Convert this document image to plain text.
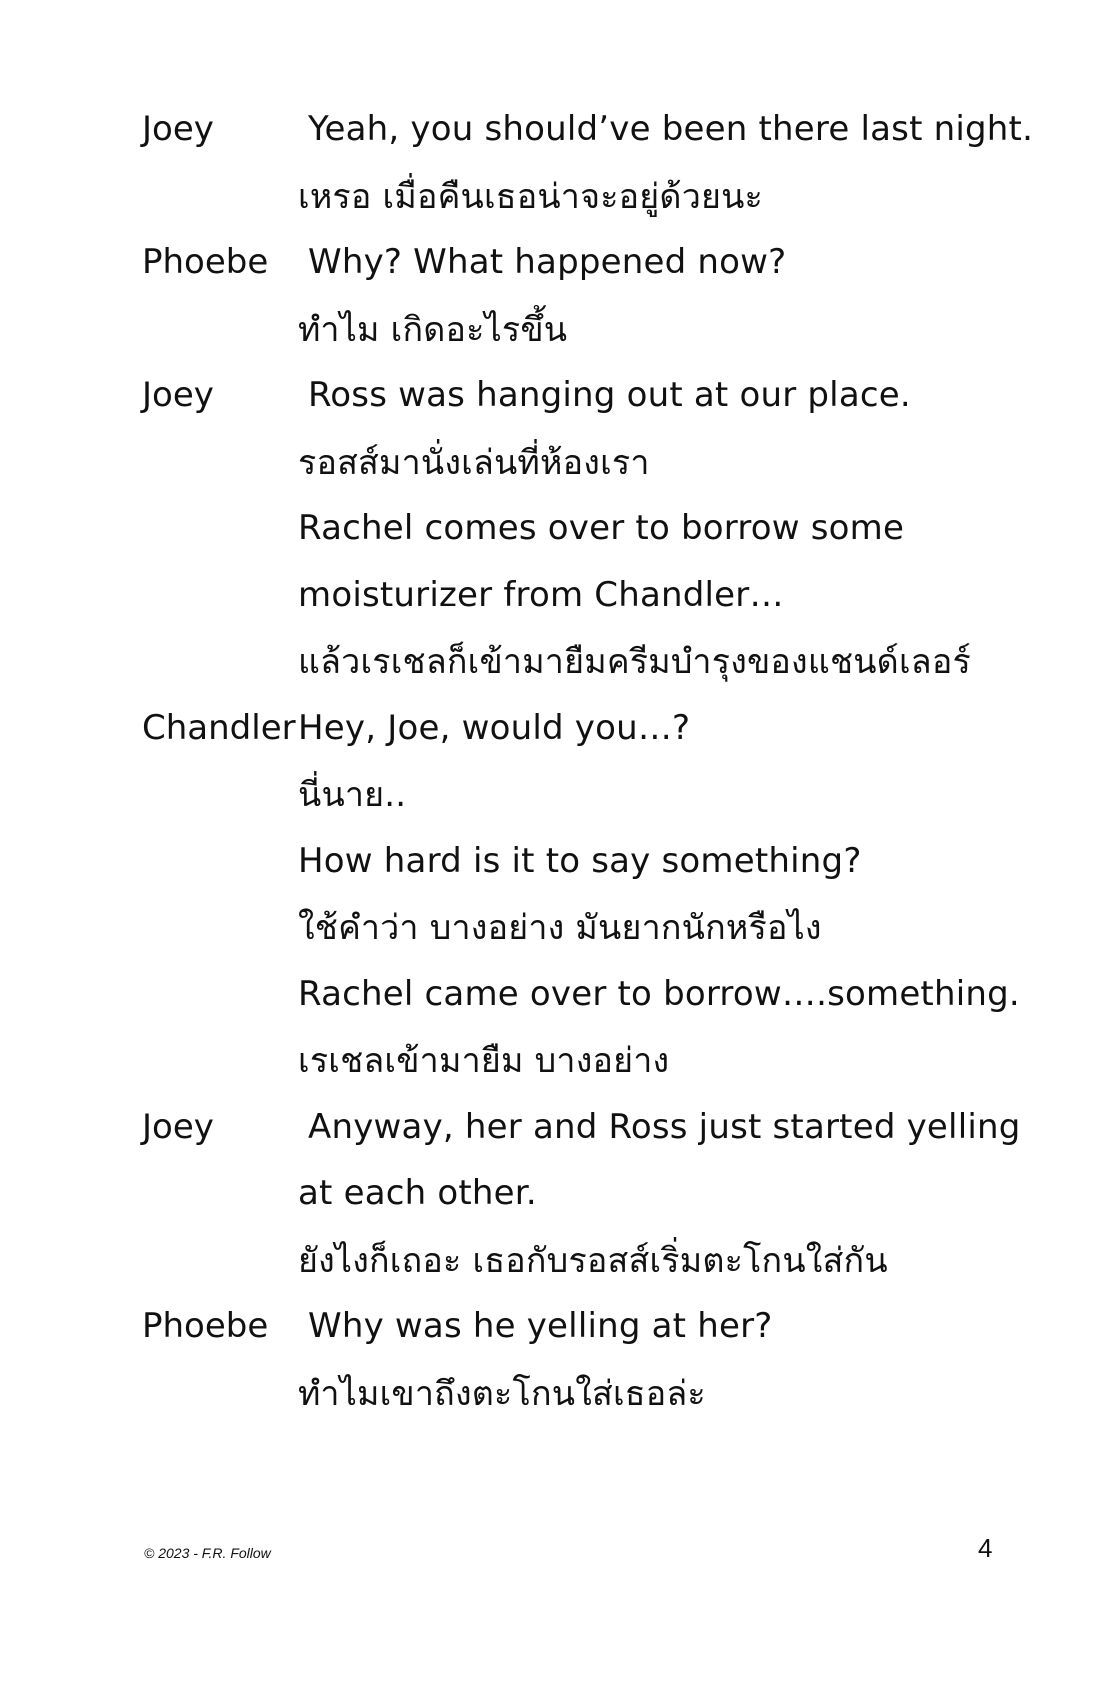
Joey	Yeah, you should’ve been there last night.
เหรอ เมื่อคืนเธอน่าจะอยู่ด้วยนะ
Phoebe	Why? What happened now?
ทำไม เกิดอะไรขึ้น
Joey	Ross was hanging out at our place.
รอสส์มานั่งเล่นที่ห้องเรา
Rachel comes over to borrow some
moisturizer from Chandler…
แล้วเรเชลก็เข้ามายืมครีมบำรุงของแชนด์เลอร์
Chandler Hey, Joe, would you…?
นี่นาย..
How hard is it to say something?
ใช้คำว่า บางอย่าง มันยากนักหรือไง
Rachel came over to borrow….something.
เรเชลเข้ามายืม บางอย่าง
Joey	Anyway, her and Ross just started yelling
at each other.
ยังไงก็เถอะ เธอกับรอสส์เริ่มตะโกนใส่กัน
Phoebe	Why was he yelling at her?
ทำไมเขาถึงตะโกนใส่เธอล่ะ
© 2023 - F.R. Follow	4
